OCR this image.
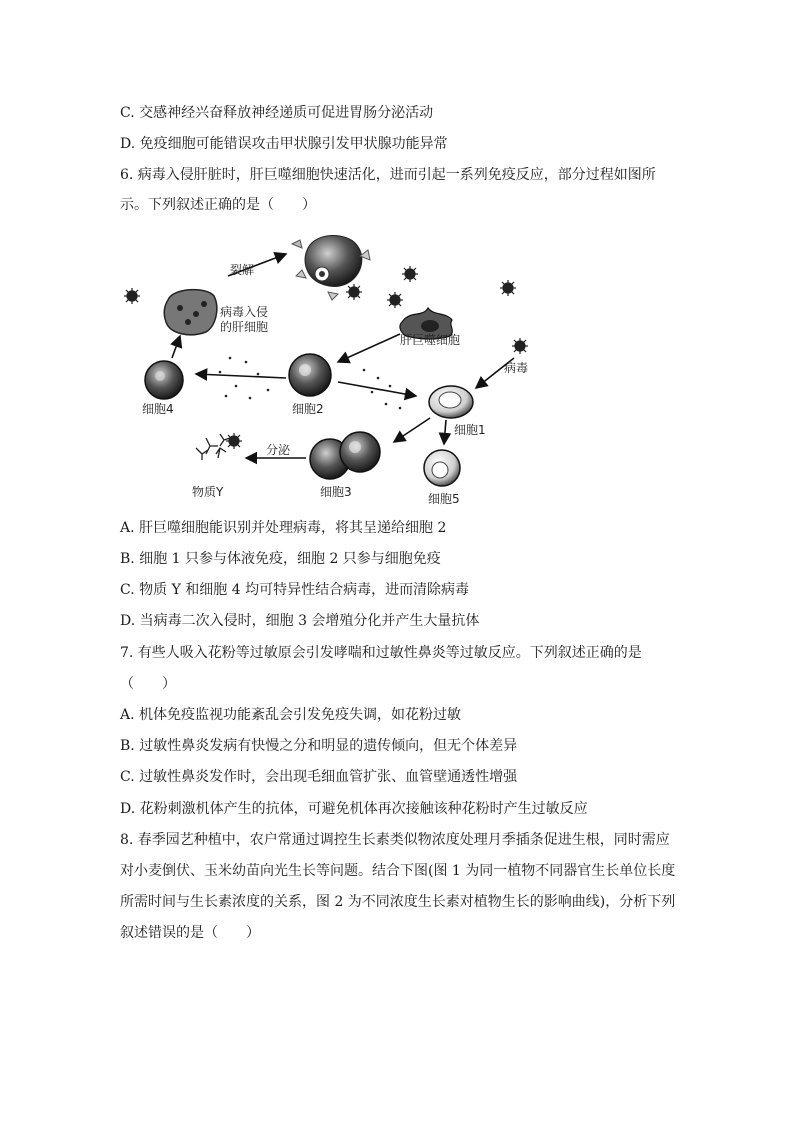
C. 交感神经兴奋释放神经递质可促进胃肠分泌活动
D. 免疫细胞可能错误攻击甲状腺引发甲状腺功能异常
6. 病毒入侵肝脏时，肝巨噬细胞快速活化，进而引起一系列免疫反应，部分过程如图所
示。下列叙述正确的是（　　）
裂解
病毒入侵
的肝细胞
肝巨噬细胞
病毒
细胞4	细胞2
细胞1
分泌
物质Y	细胞3	细胞5
A. 肝巨噬细胞能识别并处理病毒，将其呈递给细胞 2
B. 细胞 1 只参与体液免疫，细胞 2 只参与细胞免疫
C. 物质 Y 和细胞 4 均可特异性结合病毒，进而清除病毒
D. 当病毒二次入侵时，细胞 3 会增殖分化并产生大量抗体
7. 有些人吸入花粉等过敏原会引发哮喘和过敏性鼻炎等过敏反应。下列叙述正确的是
（　　）
A. 机体免疫监视功能紊乱会引发免疫失调，如花粉过敏
B. 过敏性鼻炎发病有快慢之分和明显的遗传倾向，但无个体差异
C. 过敏性鼻炎发作时，会出现毛细血管扩张、血管壁通透性增强
D. 花粉刺激机体产生的抗体，可避免机体再次接触该种花粉时产生过敏反应
8. 春季园艺种植中，农户常通过调控生长素类似物浓度处理月季插条促进生根，同时需应
对小麦倒伏、玉米幼苗向光生长等问题。结合下图(图 1 为同一植物不同器官生长单位长度
所需时间与生长素浓度的关系，图 2 为不同浓度生长素对植物生长的影响曲线)，分析下列
叙述错误的是（　　）
